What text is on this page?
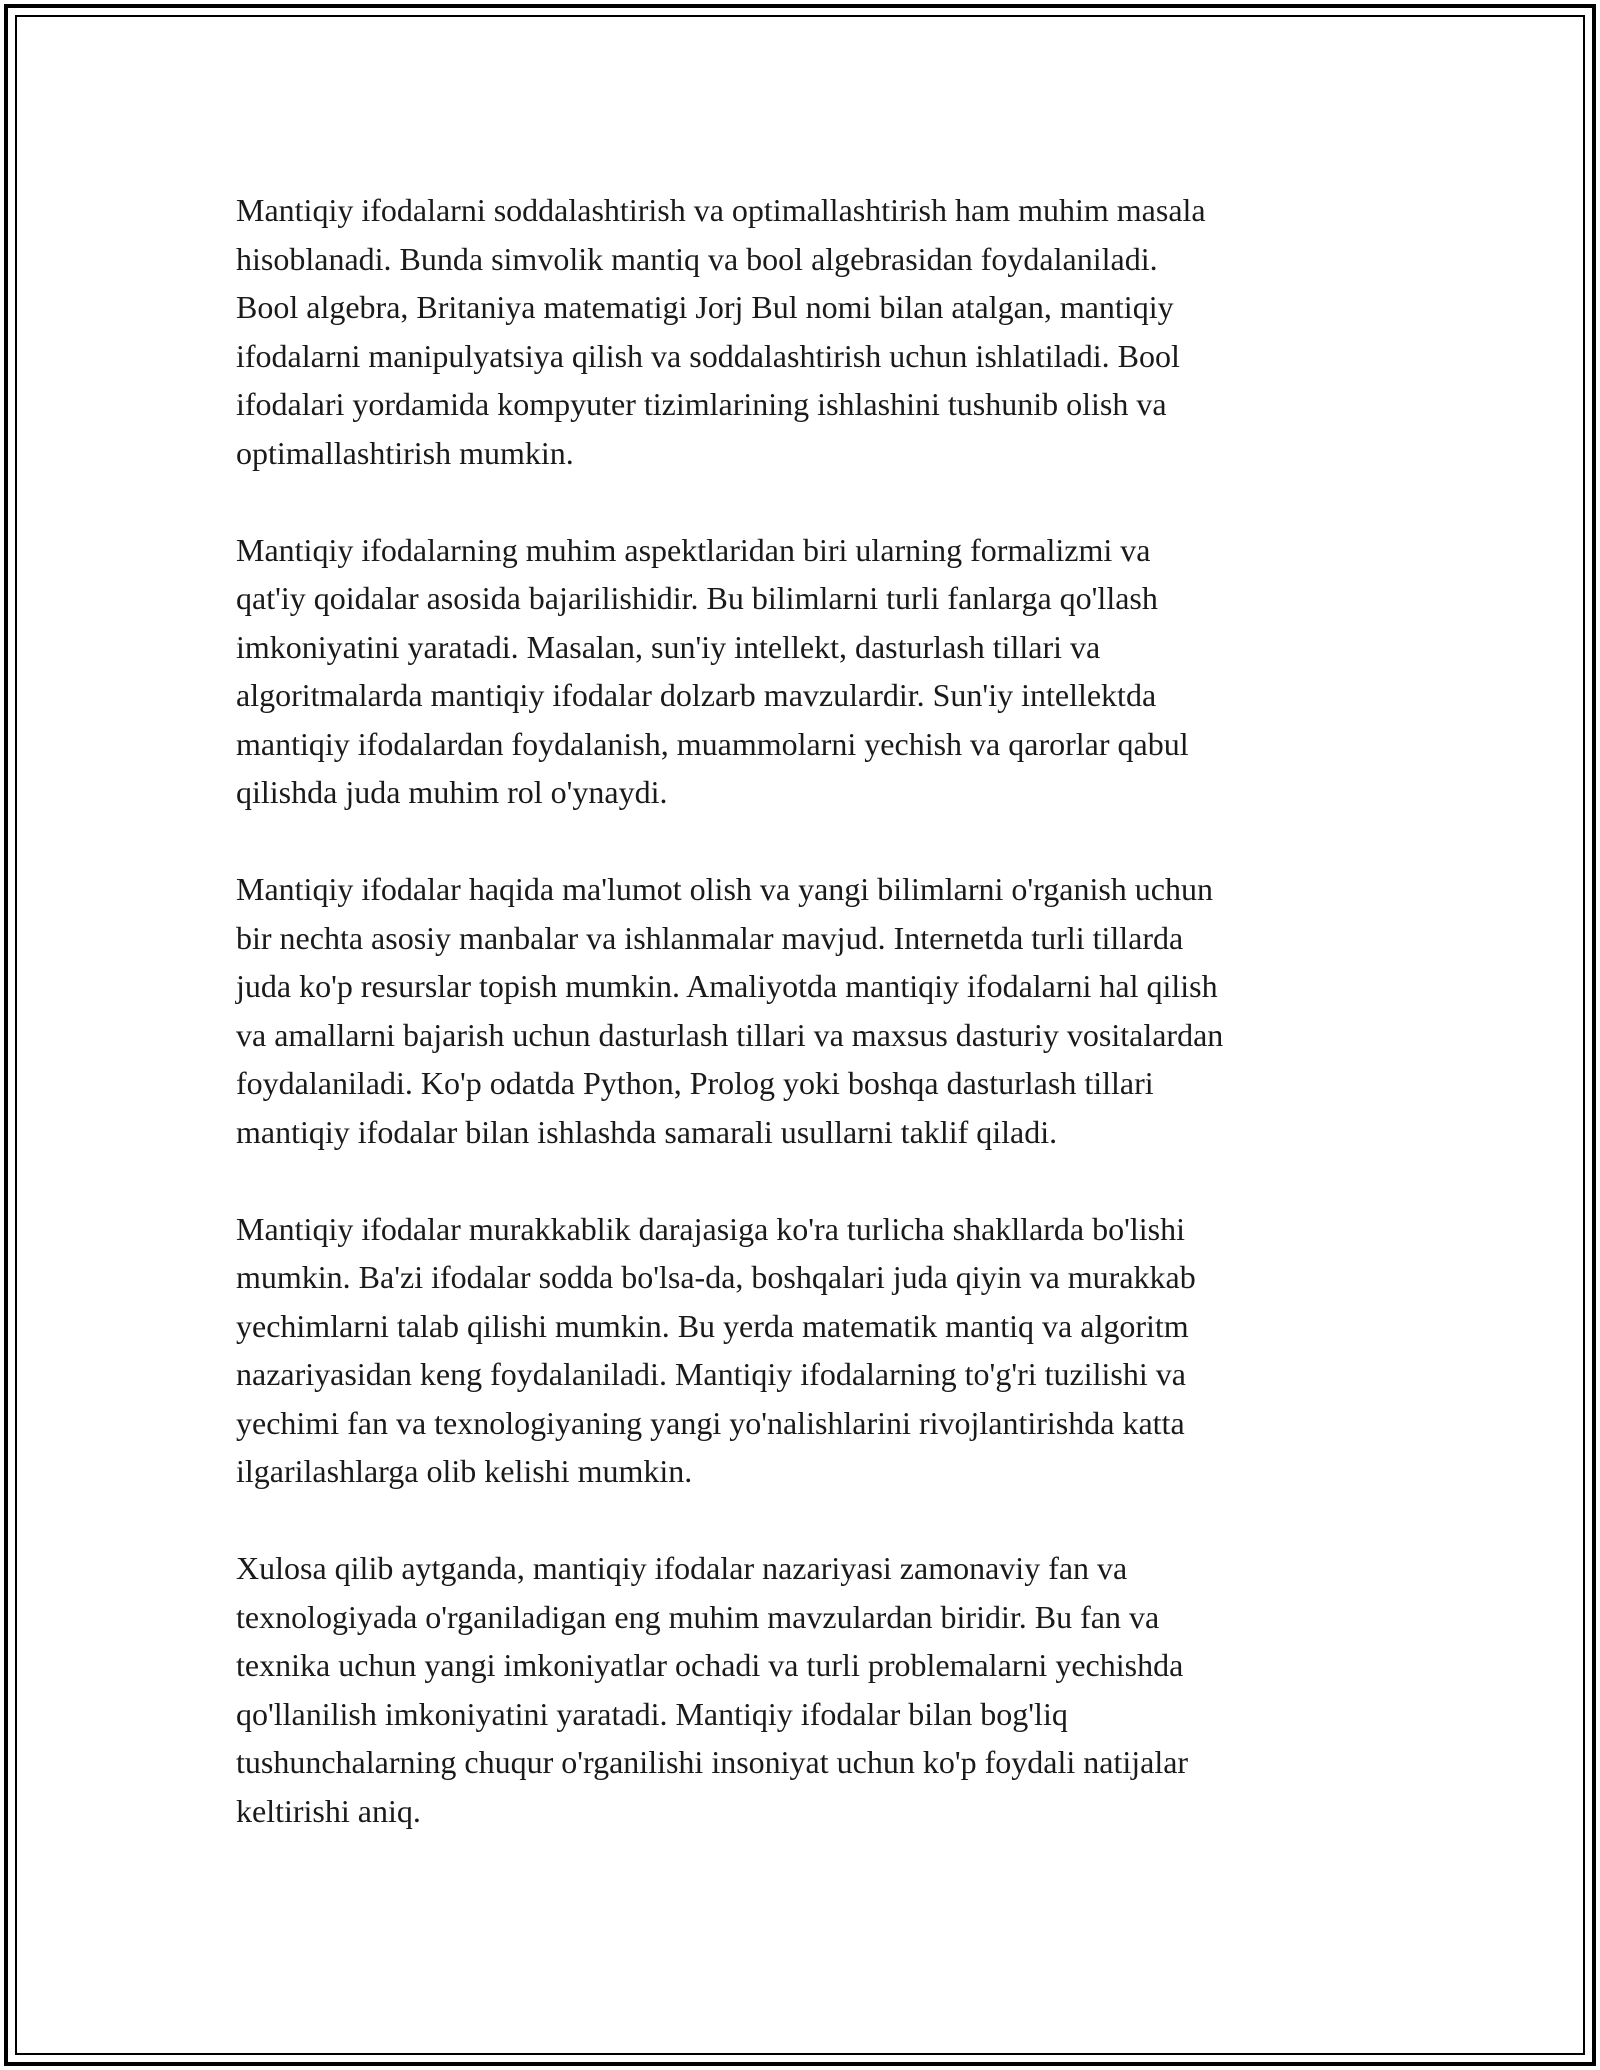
Mantiqiy ifodalarni soddalashtirish va optimallashtirish ham muhim masala
hisoblanadi. Bunda simvolik mantiq va bool algebrasidan foydalaniladi.
Bool algebra, Britaniya matematigi Jorj Bul nomi bilan atalgan, mantiqiy
ifodalarni manipulyatsiya qilish va soddalashtirish uchun ishlatiladi. Bool
ifodalari yordamida kompyuter tizimlarining ishlashini tushunib olish va
optimallashtirish mumkin.

Mantiqiy ifodalarning muhim aspektlaridan biri ularning formalizmi va
qat'iy qoidalar asosida bajarilishidir. Bu bilimlarni turli fanlarga qo'llash
imkoniyatini yaratadi. Masalan, sun'iy intellekt, dasturlash tillari va
algoritmalarda mantiqiy ifodalar dolzarb mavzulardir. Sun'iy intellektda
mantiqiy ifodalardan foydalanish, muammolarni yechish va qarorlar qabul
qilishda juda muhim rol o'ynaydi.

Mantiqiy ifodalar haqida ma'lumot olish va yangi bilimlarni o'rganish uchun
bir nechta asosiy manbalar va ishlanmalar mavjud. Internetda turli tillarda
juda ko'p resurslar topish mumkin. Amaliyotda mantiqiy ifodalarni hal qilish
va amallarni bajarish uchun dasturlash tillari va maxsus dasturiy vositalardan
foydalaniladi. Ko'p odatda Python, Prolog yoki boshqa dasturlash tillari
mantiqiy ifodalar bilan ishlashda samarali usullarni taklif qiladi.

Mantiqiy ifodalar murakkablik darajasiga ko'ra turlicha shakllarda bo'lishi
mumkin. Ba'zi ifodalar sodda bo'lsa-da, boshqalari juda qiyin va murakkab
yechimlarni talab qilishi mumkin. Bu yerda matematik mantiq va algoritm
nazariyasidan keng foydalaniladi. Mantiqiy ifodalarning to'g'ri tuzilishi va
yechimi fan va texnologiyaning yangi yo'nalishlarini rivojlantirishda katta
ilgarilashlarga olib kelishi mumkin.

Xulosa qilib aytganda, mantiqiy ifodalar nazariyasi zamonaviy fan va
texnologiyada o'rganiladigan eng muhim mavzulardan biridir. Bu fan va
texnika uchun yangi imkoniyatlar ochadi va turli problemalarni yechishda
qo'llanilish imkoniyatini yaratadi. Mantiqiy ifodalar bilan bog'liq
tushunchalarning chuqur o'rganilishi insoniyat uchun ko'p foydali natijalar
keltirishi aniq.
